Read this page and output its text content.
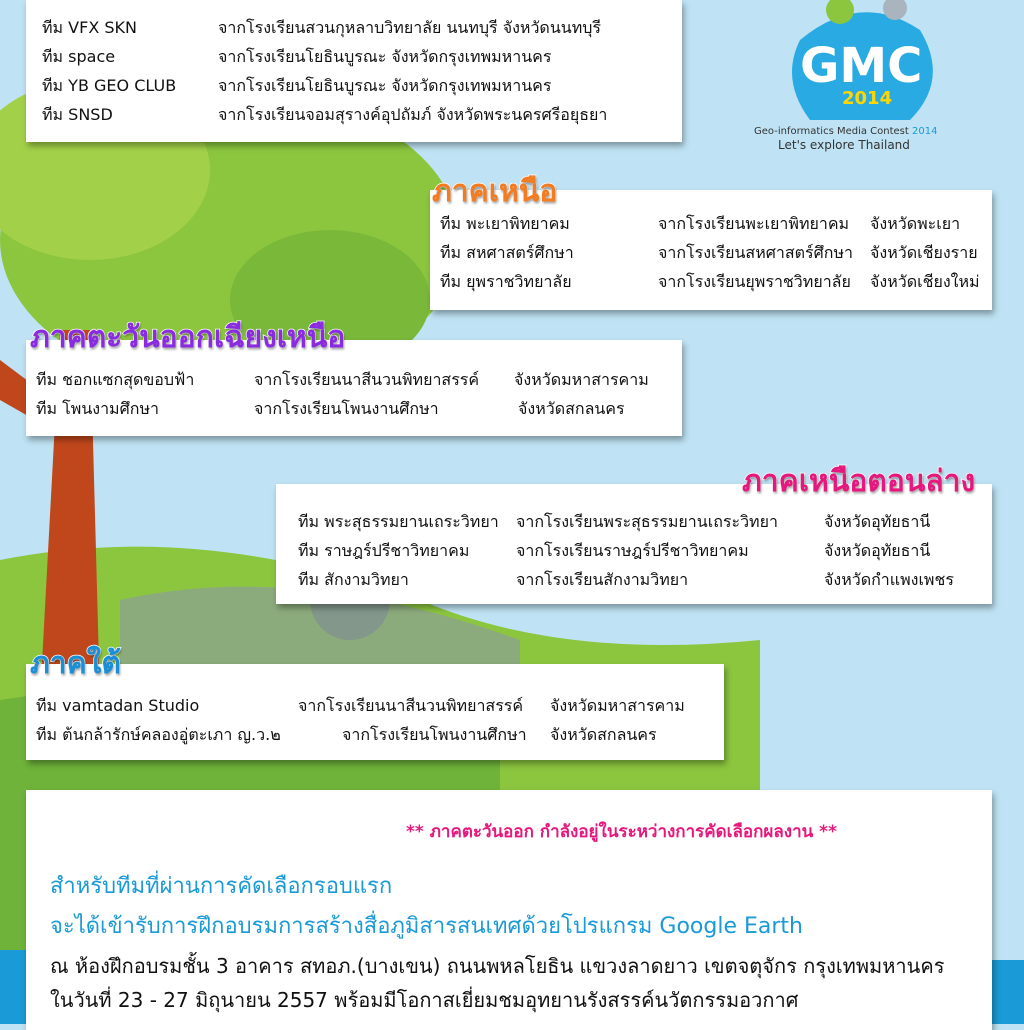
GMC
2014
Geo-informatics Media Contest 2014
Let's explore Thailand
ทีม VFX SKN	จากโรงเรียนสวนกุหลาบวิทยาลัย นนทบุรี จังหวัดนนทบุรี
ทีม space	จากโรงเรียนโยธินบูรณะ จังหวัดกรุงเทพมหานคร
ทีม YB GEO CLUB	จากโรงเรียนโยธินบูรณะ จังหวัดกรุงเทพมหานคร
ทีม SNSD	จากโรงเรียนจอมสุรางค์อุปถัมภ์ จังหวัดพระนครศรีอยุธยา
ทีม พะเยาพิทยาคม	จากโรงเรียนพะเยาพิทยาคม จังหวัดพะเยา
ทีม สหศาสตร์ศึกษา	จากโรงเรียนสหศาสตร์ศึกษา จังหวัดเชียงราย
ทีม ยุพราชวิทยาลัย	จากโรงเรียนยุพราชวิทยาลัย จังหวัดเชียงใหม่
ภาคเหนือ
ทีม ชอกแซกสุดขอบฟ้า	จากโรงเรียนนาสีนวนพิทยาสรรค์ จังหวัดมหาสารคาม
ทีม โพนงามศึกษา	จากโรงเรียนโพนงานศึกษา	จังหวัดสกลนคร
ภาคตะวันออกเฉียงเหนือ
ทีม พระสุธรรมยานเถระวิทยา จากโรงเรียนพระสุธรรมยานเถระวิทยา	จังหวัดอุทัยธานี
ทีม ราษฎร์ปรีชาวิทยาคม	จากโรงเรียนราษฎร์ปรีชาวิทยาคม	จังหวัดอุทัยธานี
ทีม สักงามวิทยา	จากโรงเรียนสักงามวิทยา	จังหวัดกำแพงเพชร
ภาคเหนือตอนล่าง
ทีม vamtadan Studio	จากโรงเรียนนาสีนวนพิทยาสรรค์ จังหวัดมหาสารคาม
ทีม ต้นกล้ารักษ์คลองอู่ตะเภา ญ.ว.๒	จากโรงเรียนโพนงานศึกษา จังหวัดสกลนคร
ภาคใต้
** ภาคตะวันออก กำลังอยู่ในระหว่างการคัดเลือกผลงาน **
สำหรับทีมที่ผ่านการคัดเลือกรอบแรก
จะได้เข้ารับการฝึกอบรมการสร้างสื่อภูมิสารสนเทศด้วยโปรแกรม Google Earth
ณ ห้องฝึกอบรมชั้น 3 อาคาร สทอภ.(บางเขน) ถนนพหลโยธิน แขวงลาดยาว เขตจตุจักร กรุงเทพมหานคร
ในวันที่ 23 - 27 มิถุนายน 2557 พร้อมมีโอกาสเยี่ยมชมอุทยานรังสรรค์นวัตกรรมอวกาศ
